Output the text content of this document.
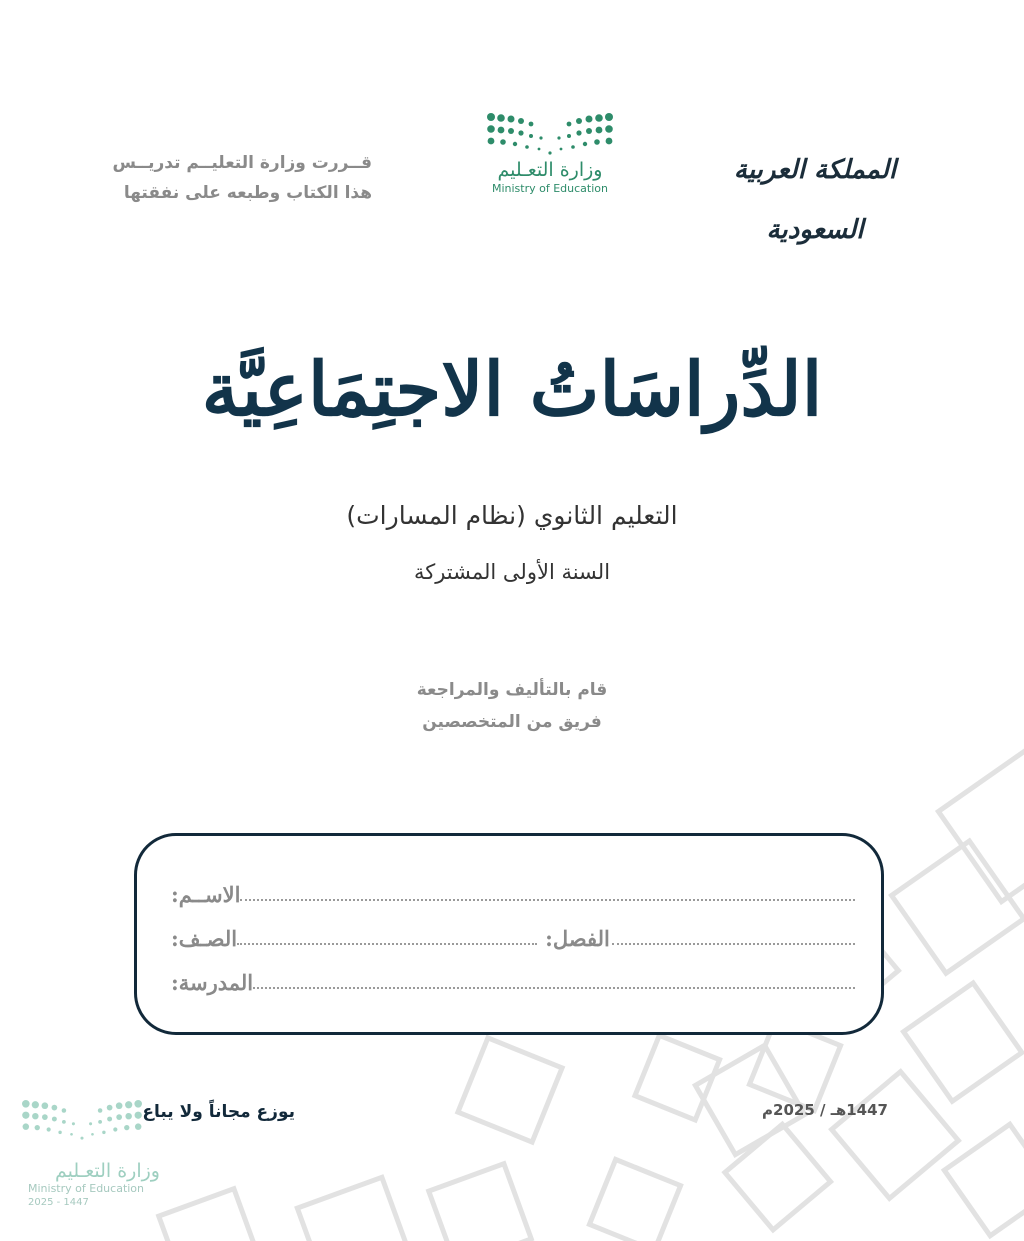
قــررت وزارة التعليــم تدريــس
هذا الكتاب وطبعه على نفقتها
وزارة التعـليم
Ministry of Education
المملكة العربية السعودية
الدِّراسَاتُ الاجتِمَاعِيَّة
التعليم الثانوي (نظام المسارات)
السنة الأولى المشتركة
قام بالتأليف والمراجعة
فريق من المتخصصين
الاســم:
الصـف:	الفصل:
المدرسة:
1447هـ / 2025م
وزارة التعـليم
Ministry of Education
2025 - 1447
يوزع مجاناً ولا يباع
